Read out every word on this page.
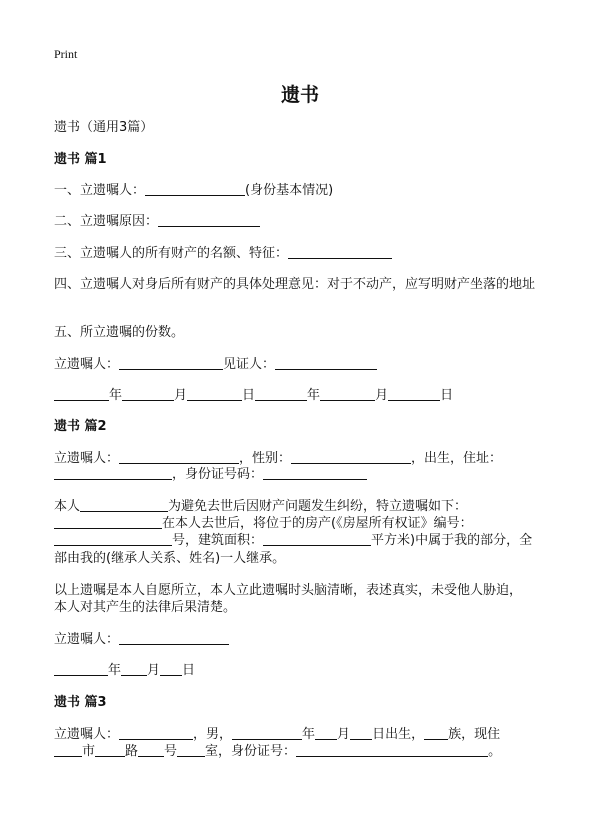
Print
遗书
遗书（通用3篇）
遗书 篇1
一、立遗嘱人：	(身份基本情况)
二、立遗嘱原因：
三、立遗嘱人的所有财产的名额、特征：
四、立遗嘱人对身后所有财产的具体处理意见：对于不动产，应写明财产坐落的地址
五、所立遗嘱的份数。
立遗嘱人：	见证人：
年	月	日	年	月	日
遗书 篇2
立遗嘱人：	，性别：	，出生，住址：
，身份证号码：
本人	为避免去世后因财产问题发生纠纷，特立遗嘱如下：
在本人去世后，将位于的房产(《房屋所有权证》编号：
号，建筑面积：	平方米)中属于我的部分，全
部由我的(继承人关系、姓名)一人继承。
以上遗嘱是本人自愿所立，本人立此遗嘱时头脑清晰，表述真实，未受他人胁迫，
本人对其产生的法律后果清楚。
立遗嘱人：
年 月 日
遗书 篇3
立遗嘱人：	，男，	年 月 日出生， 族，现住
市 路 号 室，身份证号：	。
